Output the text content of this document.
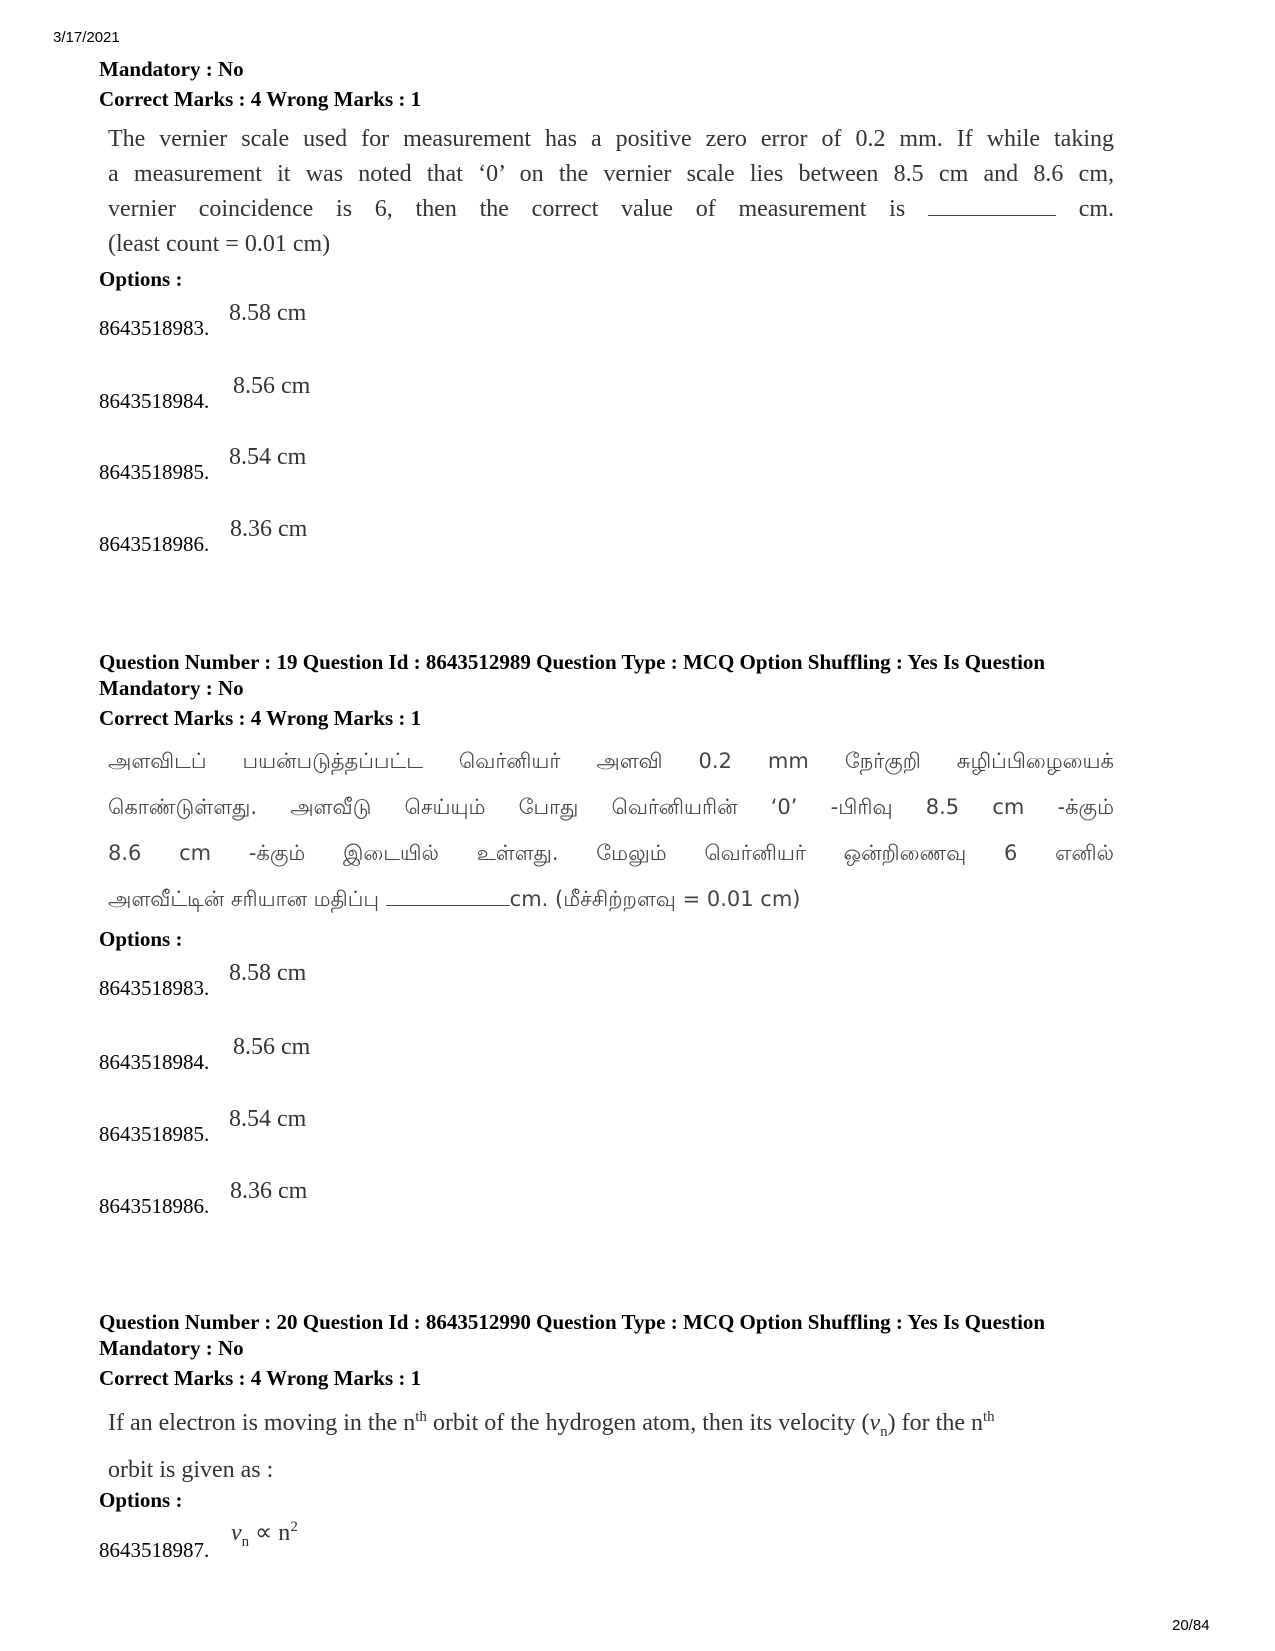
3/17/2021
Mandatory : No
Correct Marks : 4 Wrong Marks : 1
The vernier scale used for measurement has a positive zero error of 0.2 mm. If while taking
a measurement it was noted that ‘0’ on the vernier scale lies between 8.5 cm and 8.6 cm,
vernier coincidence is 6, then the correct value of measurement is	cm.
(least count = 0.01 cm)
Options :
8643518983.
8.58 cm
8643518984.
8.56 cm
8643518985.
8.54 cm
8643518986.
8.36 cm
Question Number : 19 Question Id : 8643512989 Question Type : MCQ Option Shuffling : Yes Is Question
Mandatory : No
Correct Marks : 4 Wrong Marks : 1
அளவிடப் பயன்படுத்தப்பட்ட வெர்னியர் அளவி 0.2 mm நேர்குறி சுழிப்பிழையைக்
கொண்டுள்ளது. அளவீடு செய்யும் போது வெர்னியரின் ‘0’ -பிரிவு 8.5 cm -க்கும்
8.6 cm -க்கும் இடையில் உள்ளது. மேலும் வெர்னியர் ஒன்றிணைவு 6 எனில்
அளவீட்டின் சரியான மதிப்பு	cm. (மீச்சிற்றளவு = 0.01 cm)
Options :
8643518983.
8.58 cm
8643518984.
8.56 cm
8643518985.
8.54 cm
8643518986.
8.36 cm
Question Number : 20 Question Id : 8643512990 Question Type : MCQ Option Shuffling : Yes Is Question
Mandatory : No
Correct Marks : 4 Wrong Marks : 1
If an electron is moving in the $n^{th}$ orbit of the hydrogen atom, then its velocity $(v_n)$ for the $n^{th}$
orbit is given as :
Options :
8643518987.
$v_n \propto n^2$
20/84
